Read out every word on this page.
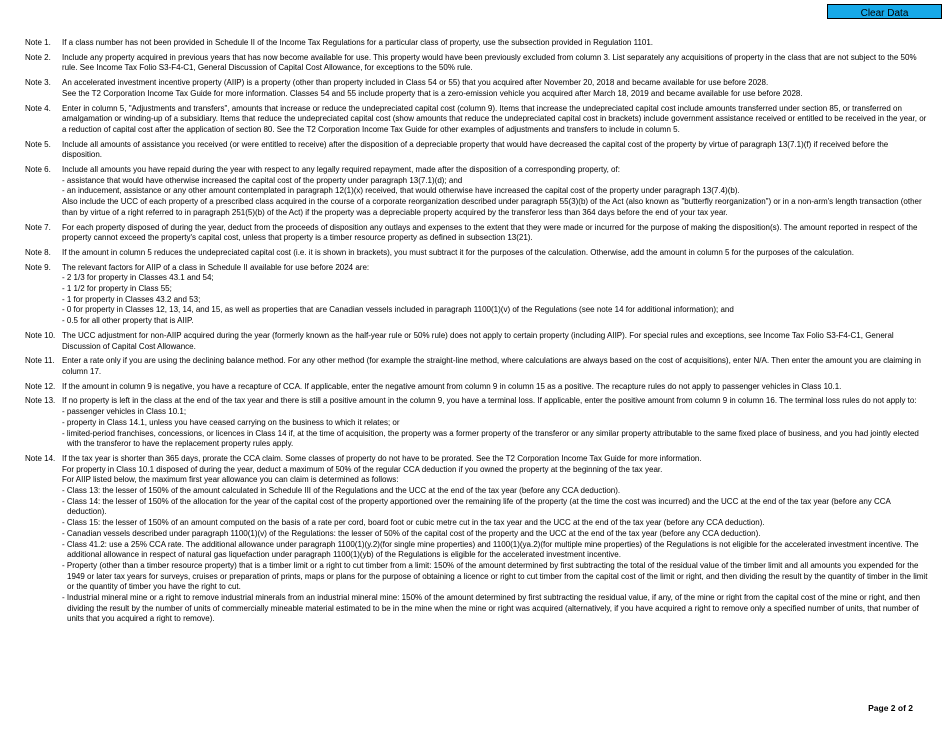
Clear Data
Note 1.	If a class number has not been provided in Schedule II of the Income Tax Regulations for a particular class of property, use the subsection provided in Regulation 1101.

Note 2.	Include any property acquired in previous years that has now become available for use. This property would have been previously excluded from column 3. List separately any acquisitions of property in the class that are not subject to the 50% rule. See Income Tax Folio S3-F4-C1, General Discussion of Capital Cost Allowance, for exceptions to the 50% rule.

Note 3.	An accelerated investment incentive property (AIIP) is a property (other than property included in Class 54 or 55) that you acquired after November 20, 2018 and became available for use before 2028.

See the T2 Corporation Income Tax Guide for more information. Classes 54 and 55 include property that is a zero-emission vehicle you acquired after March 18, 2019 and became available for use before 2028.

Note 4.	Enter in column 5, "Adjustments and transfers", amounts that increase or reduce the undepreciated capital cost (column 9). Items that increase the undepreciated capital cost include amounts transferred under section 85, or transferred on amalgamation or winding-up of a subsidiary. Items that reduce the undepreciated capital cost (show amounts that reduce the undepreciated capital cost in brackets) include government assistance received or entitled to be received in the year, or a reduction of capital cost after the application of section 80. See the T2 Corporation Income Tax Guide for other examples of adjustments and transfers to include in column 5.

Note 5.	Include all amounts of assistance you received (or were entitled to receive) after the disposition of a depreciable property that would have decreased the capital cost of the property by virtue of paragraph 13(7.1)(f) if received before the disposition.

Note 6.	Include all amounts you have repaid during the year with respect to any legally required repayment, made after the disposition of a corresponding property, of:

- assistance that would have otherwise increased the capital cost of the property under paragraph 13(7.1)(d); and

- an inducement, assistance or any other amount contemplated in paragraph 12(1)(x) received, that would otherwise have increased the capital cost of the property under paragraph 13(7.4)(b).

Also include the UCC of each property of a prescribed class acquired in the course of a corporate reorganization described under paragraph 55(3)(b) of the Act (also known as "butterfly reorganization") or in a non-arm's length transaction (other than by virtue of a right referred to in paragraph 251(5)(b) of the Act) if the property was a depreciable property acquired by the transferor less than 364 days before the end of your tax year.

Note 7.	For each property disposed of during the year, deduct from the proceeds of disposition any outlays and expenses to the extent that they were made or incurred for the purpose of making the disposition(s). The amount reported in respect of the property cannot exceed the property's capital cost, unless that property is a timber resource property as defined in subsection 13(21).

Note 8.	If the amount in column 5 reduces the undepreciated capital cost (i.e. it is shown in brackets), you must subtract it for the purposes of the calculation. Otherwise, add the amount in column 5 for the purposes of the calculation.

Note 9.	The relevant factors for AIIP of a class in Schedule II available for use before 2024 are:

- 2 1/3 for property in Classes 43.1 and 54;

- 1 1/2 for property in Class 55;

- 1 for property in Classes 43.2 and 53;

- 0 for property in Classes 12, 13, 14, and 15, as well as properties that are Canadian vessels included in paragraph 1100(1)(v) of the Regulations (see note 14 for additional information); and

- 0.5 for all other property that is AIIP.

Note 10. The UCC adjustment for non-AIIP acquired during the year (formerly known as the half-year rule or 50% rule) does not apply to certain property (including AIIP). For special rules and exceptions, see Income Tax Folio S3-F4-C1, General Discussion of Capital Cost Allowance.

Note 11. Enter a rate only if you are using the declining balance method. For any other method (for example the straight-line method, where calculations are always based on the cost of acquisitions), enter N/A. Then enter the amount you are claiming in column 17.

Note 12. If the amount in column 9 is negative, you have a recapture of CCA. If applicable, enter the negative amount from column 9 in column 15 as a positive. The recapture rules do not apply to passenger vehicles in Class 10.1.

Note 13. If no property is left in the class at the end of the tax year and there is still a positive amount in the column 9, you have a terminal loss. If applicable, enter the positive amount from column 9 in column 16. The terminal loss rules do not apply to:

- passenger vehicles in Class 10.1;

- property in Class 14.1, unless you have ceased carrying on the business to which it relates; or

- limited-period franchises, concessions, or licences in Class 14 if, at the time of acquisition, the property was a former property of the transferor or any similar property attributable to the same fixed place of business, and you had jointly elected with the transferor to have the replacement property rules apply.

Note 14. If the tax year is shorter than 365 days, prorate the CCA claim. Some classes of property do not have to be prorated. See the T2 Corporation Income Tax Guide for more information.

For property in Class 10.1 disposed of during the year, deduct a maximum of 50% of the regular CCA deduction if you owned the property at the beginning of the tax year.

For AIIP listed below, the maximum first year allowance you can claim is determined as follows:

- Class 13: the lesser of 150% of the amount calculated in Schedule III of the Regulations and the UCC at the end of the tax year (before any CCA deduction).

- Class 14: the lesser of 150% of the allocation for the year of the capital cost of the property apportioned over the remaining life of the property (at the time the cost was incurred) and the UCC at the end of the tax year (before any CCA deduction).

- Class 15: the lesser of 150% of an amount computed on the basis of a rate per cord, board foot or cubic metre cut in the tax year and the UCC at the end of the tax year (before any CCA deduction).

- Canadian vessels described under paragraph 1100(1)(v) of the Regulations: the lesser of 50% of the capital cost of the property and the UCC at the end of the tax year (before any CCA deduction).

- Class 41.2: use a 25% CCA rate. The additional allowance under paragraph 1100(1)(y.2)(for single mine properties) and 1100(1)(ya.2)(for multiple mine properties) of the Regulations is not eligible for the accelerated investment incentive. The additional allowance in respect of natural gas liquefaction under paragraph 1100(1)(yb) of the Regulations is eligible for the accelerated investment incentive.

- Property (other than a timber resource property) that is a timber limit or a right to cut timber from a limit: 150% of the amount determined by first subtracting the total of the residual value of the timber limit and all amounts you expended for the 1949 or later tax years for surveys, cruises or preparation of prints, maps or plans for the purpose of obtaining a licence or right to cut timber from the capital cost of the limit or right, and then dividing the result by the quantity of timber in the limit or the quantity of timber you have the right to cut.

- Industrial mineral mine or a right to remove industrial minerals from an industrial mineral mine: 150% of the amount determined by first subtracting the residual value, if any, of the mine or right from the capital cost of the mine or right, and then dividing the result by the number of units of commercially mineable material estimated to be in the mine when the mine or right was acquired (alternatively, if you have acquired a right to remove only a specified number of units, that number of units that you acquired a right to remove).

Page 2 of 2
